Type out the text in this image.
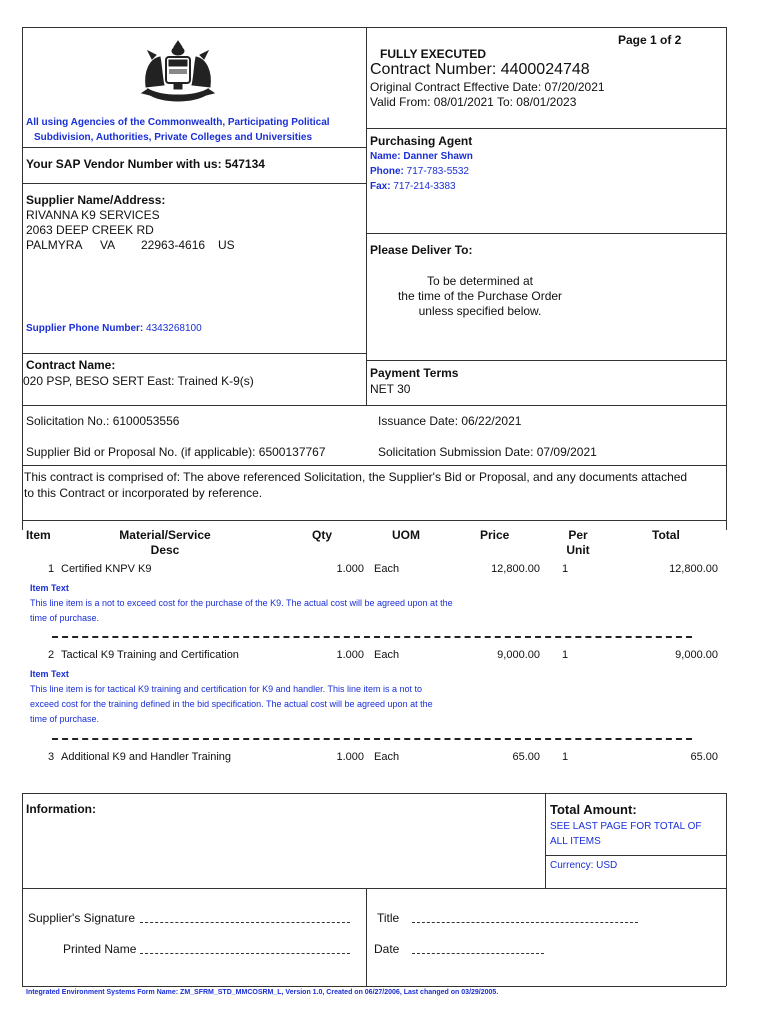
Page 1 of 2
FULLY EXECUTED
Contract Number: 4400024748
Original Contract Effective Date: 07/20/2021
Valid From: 08/01/2021 To: 08/01/2023
All using Agencies of the Commonwealth, Participating Political
Subdivision, Authorities, Private Colleges and Universities
Your SAP Vendor Number with us: 547134
Supplier Name/Address:
RIVANNA K9 SERVICES
2063 DEEP CREEK RD
PALMYRA VA 22963-4616 US
Supplier Phone Number: 4343268100
Purchasing Agent
Name: Danner Shawn
Phone: 717-783-5532
Fax: 717-214-3383
Please Deliver To:
To be determined at
the time of the Purchase Order
unless specified below.
Contract Name:
020 PSP, BESO SERT East: Trained K-9(s)
Payment Terms
NET 30
Solicitation No.: 6100053556	Issuance Date: 06/22/2021
Supplier Bid or Proposal No. (if applicable): 6500137767	Solicitation Submission Date: 07/09/2021
This contract is comprised of: The above referenced Solicitation, the Supplier's Bid or Proposal, and any documents attached
to this Contract or incorporated by reference.
Item	Material/Service
Desc
Qty	UOM	Price	Per
Unit
Total
1 Certified KNPV K9	1.000 Each	12,800.00 1	12,800.00
Item Text
This line item is a not to exceed cost for the purchase of the K9. The actual cost will be agreed upon at the
time of purchase.
2 Tactical K9 Training and Certification	1.000 Each	9,000.00 1	9,000.00
Item Text
This line item is for tactical K9 training and certification for K9 and handler. This line item is a not to
exceed cost for the training defined in the bid specification. The actual cost will be agreed upon at the
time of purchase.
3 Additional K9 and Handler Training	1.000 Each	65.00 1	65.00
Information:	Total Amount:
SEE LAST PAGE FOR TOTAL OF
ALL ITEMS
Currency: USD
Supplier's Signature
Printed Name
Title
Date
Integrated Environment Systems Form Name: ZM_SFRM_STD_MMCOSRM_L, Version 1.0, Created on 06/27/2006, Last changed on 03/29/2005.
